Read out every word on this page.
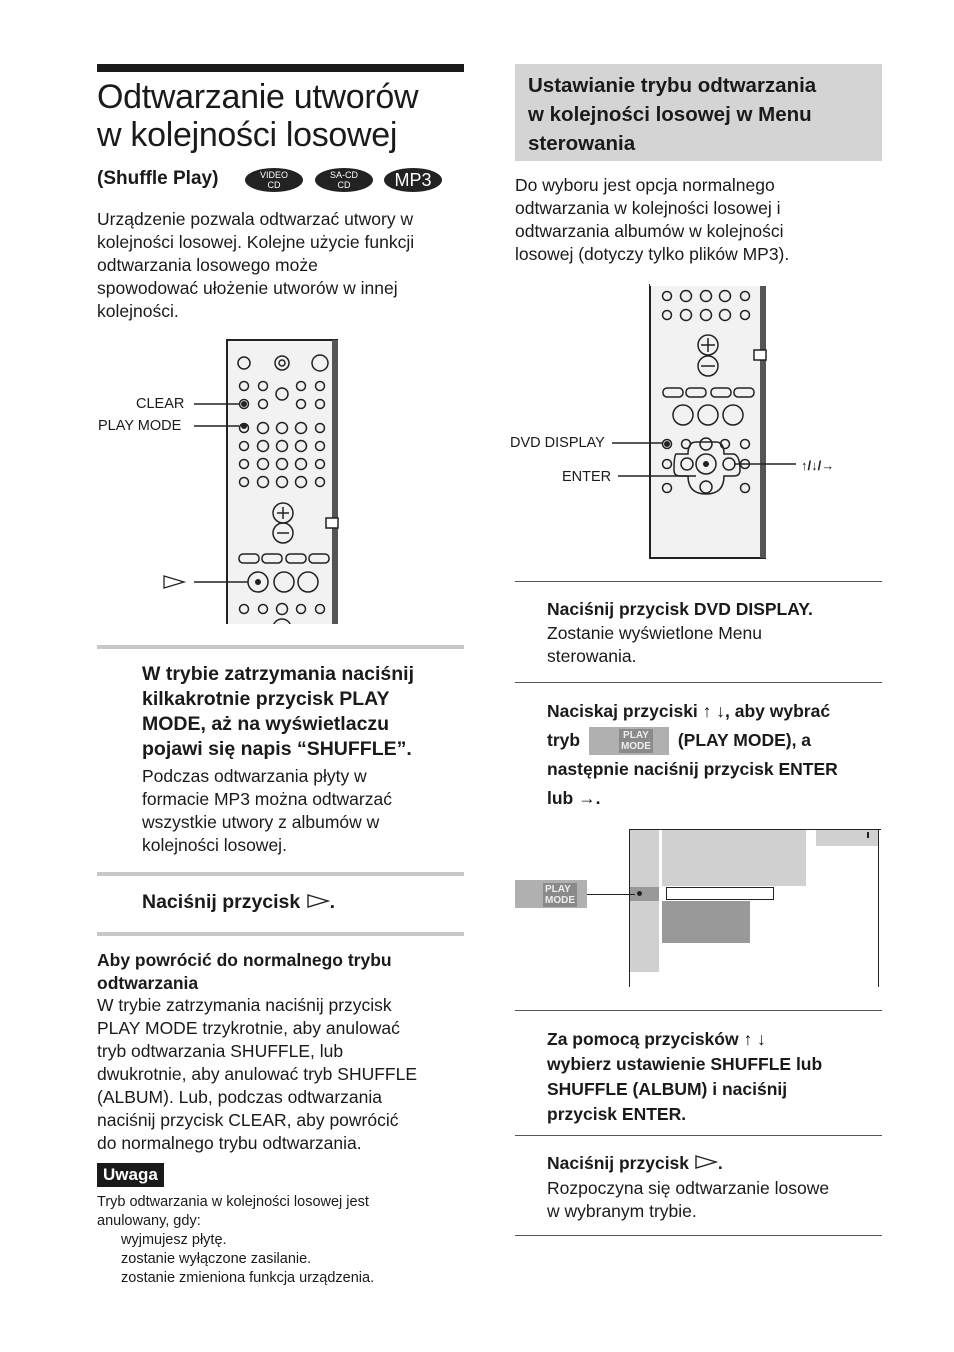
Odtwarzanie utworów
w kolejności losowej
(Shuffle Play)	VIDEO
CD
SA-CD
CD	MP3
Urządzenie pozwala odtwarzać utwory w
kolejności losowej. Kolejne użycie funkcji
odtwarzania losowego może
spowodować ułożenie utworów w innej
kolejności.
CLEAR
PLAY MODE
W trybie zatrzymania naciśnij
kilkakrotnie przycisk PLAY
MODE, aż na wyświetlaczu
pojawi się napis “SHUFFLE”.
Podczas odtwarzania płyty w
formacie MP3 można odtwarzać
wszystkie utwory z albumów w
kolejności losowej.
Naciśnij przycisk .
Aby powrócić do normalnego trybu
odtwarzania
W trybie zatrzymania naciśnij przycisk
PLAY MODE trzykrotnie, aby anulować
tryb odtwarzania SHUFFLE, lub
dwukrotnie, aby anulować tryb SHUFFLE
(ALBUM). Lub, podczas odtwarzania
naciśnij przycisk CLEAR, aby powrócić
do normalnego trybu odtwarzania.
Uwaga
Tryb odtwarzania w kolejności losowej jest
anulowany, gdy:
wyjmujesz płytę.
zostanie wyłączone zasilanie.
zostanie zmieniona funkcja urządzenia.
Ustawianie trybu odtwarzania
w kolejności losowej w Menu
sterowania
Do wyboru jest opcja normalnego
odtwarzania w kolejności losowej i
odtwarzania albumów w kolejności
losowej (dotyczy tylko plików MP3).
DVD DISPLAY
ENTER
↑/↓/→
Naciśnij przycisk DVD DISPLAY.
Zostanie wyświetlone Menu
sterowania.
Naciskaj przyciski ↑ ↓, aby wybrać
tryb	PLAY
MODE (PLAY MODE), a
następnie naciśnij przycisk ENTER
lub →.
PLAY
MODE
Za pomocą przycisków ↑ ↓
wybierz ustawienie SHUFFLE lub
SHUFFLE (ALBUM) i naciśnij
przycisk ENTER.
Naciśnij przycisk .
Rozpoczyna się odtwarzanie losowe
w wybranym trybie.
